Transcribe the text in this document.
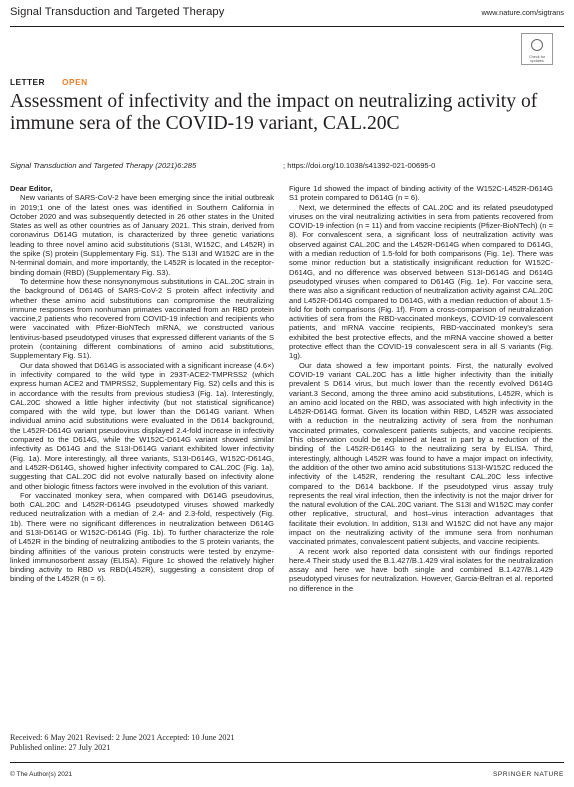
Signal Transduction and Targeted Therapy	www.nature.com/sigtrans
Check for updates
LETTER OPEN
Assessment of infectivity and the impact on neutralizing activity of immune sera of the COVID-19 variant, CAL.20C
Signal Transduction and Targeted Therapy (2021)6:285	; https://doi.org/10.1038/s41392-021-00695-0

Dear Editor,

New variants of SARS-CoV-2 have been emerging since the initial outbreak in 2019;1 one of the latest ones was identified in Southern California in October 2020 and was subsequently detected in 26 other states in the United States as well as other countries as of January 2021. This strain, derived from coronavirus D614G mutation, is characterized by three genetic variations leading to three novel amino acid substitutions (S13I, W152C, and L452R) in the spike (S) protein (Supplementary Fig. S1). The S13I and W152C are in the N-terminal domain, and more importantly, the L452R is located in the receptor-binding domain (RBD) (Supplementary Fig. S3).

To determine how these nonsynonymous substitutions in CAL.20C strain in the background of D614G of SARS-CoV-2 S protein affect infectivity and whether these amino acid substitutions can compromise the neutralizing immune responses from nonhuman primates vaccinated from an RBD protein vaccine,2 patients who recovered from COVID-19 infection and recipients who were vaccinated with Pfizer-BioNTech mRNA, we constructed various lentivirus-based pseudotyped viruses that expressed different variants of the S protein (containing different combinations of amino acid substitutions, Supplementary Fig. S1).

Our data showed that D614G is associated with a significant increase (4.6×) in infectivity compared to the wild type in 293T-ACE2-TMPRSS2 (which express human ACE2 and TMPRSS2, Supplementary Fig. S2) cells and this is in accordance with the results from previous studies3 (Fig. 1a). Interestingly, CAL.20C showed a little higher infectivity (but not statistical significance) compared with the wild type, but lower than the D614G variant. When individual amino acid substitutions were evaluated in the D614 background, the L452R-D614G variant pseudovirus displayed 2.4-fold increase in infectivity compared to the D614G, while the W152C-D614G variant showed similar infectivity as D614G and the S13I-D614G variant exhibited lower infectivity (Fig. 1a). More interestingly, all three variants, S13I-D614G, W152C-D614G, and L452R-D614G, showed higher infectivity compared to CAL.20C (Fig. 1a), suggesting that CAL.20C did not evolve naturally based on infectivity alone and other biologic fitness factors were involved in the evolution of this variant.

For vaccinated monkey sera, when compared with D614G pseudovirus, both CAL.20C and L452R-D614G pseudotyped viruses showed markedly reduced neutralization with a median of 2.4- and 2.3-fold, respectively (Fig. 1b). There were no significant differences in neutralization between D614G and S13I-D614G or W152C-D614G (Fig. 1b). To further characterize the role of L452R in the binding of neutralizing antibodies to the S protein variants, the binding affinities of the various protein constructs were tested by enzyme-linked immunosorbent assay (ELISA). Figure 1c showed the relatively higher binding activity to RBD vs RBD(L452R), suggesting a consistent drop of binding of the L452R (n = 6).

Figure 1d showed the impact of binding activity of the W152C-L452R-D614G S1 protein compared to D614G (n = 6).

Next, we determined the effects of CAL.20C and its related pseudotyped viruses on the viral neutralizing activities in sera from patients recovered from COVID-19 infection (n = 11) and from vaccine recipients (Pfizer-BioNTech) (n = 8). For convalescent sera, a significant loss of neutralization activity was observed against CAL.20C and the L452R-D614G when compared to D614G, with a median reduction of 1.5-fold for both comparisons (Fig. 1e). There was some minor reduction but a statistically insignificant reduction for W152C-D614G, and no difference was observed between S13I-D614G and D614G pseudotyped viruses when compared to D614G (Fig. 1e). For vaccine sera, there was also a significant reduction of neutralization activity against CAL.20C and L452R-D614G compared to D614G, with a median reduction of about 1.5-fold for both comparisons (Fig. 1f). From a cross-comparison of neutralization activities of sera from the RBD-vaccinated monkeys, COVID-19 convalescent patients, and mRNA vaccine recipients, RBD-vaccinated monkey's sera exhibited the best protective effects, and the mRNA vaccine showed a better protective effect than the COVID-19 convalescent sera in all S variants (Fig. 1g).

Our data showed a few important points. First, the naturally evolved COVID-19 variant CAL.20C has a little higher infectivity than the initially prevalent S D614 virus, but much lower than the recently evolved D614G variant.3 Second, among the three amino acid substitutions, L452R, which is an amino acid located on the RBD, was associated with high infectivity in the L452R-D614G format. Given its location within RBD, L452R was associated with a reduction in the neutralizing activity of sera from the nonhuman vaccinated primates, convalescent patients subjects, and vaccine recipients. This observation could be explained at least in part by a reduction of the binding of the L452R-D614G to the neutralizing sera by ELISA. Third, interestingly, although L452R was found to have a major impact on infectivity, the addition of the other two amino acid substitutions S13I-W152C reduced the infectivity of the L452R, rendering the resultant CAL.20C less infective compared to the D614 backbone. If the pseudotyped virus assay truly represents the real viral infection, then the infectivity is not the major driver for the natural evolution of the CAL.20C variant. The S13I and W152C may confer other replicative, structural, and host–virus interaction advantages that facilitate their evolution. In addition, S13I and W152C did not have any major impact on the neutralizing activity of the immune sera from nonhuman vaccinated primates, convalescent patient subjects, and vaccine recipients.

A recent work also reported data consistent with our findings reported here.4 Their study used the B.1.427/B.1.429 viral isolates for the neutralization assay and here we have both single and combined B.1.427/B.1.429 pseudotyped viruses for neutralization. However, Garcia-Beltran et al. reported no difference in the

Received: 6 May 2021 Revised: 2 June 2021 Accepted: 10 June 2021
Published online: 27 July 2021
© The Author(s) 2021	SPRINGER NATURE
